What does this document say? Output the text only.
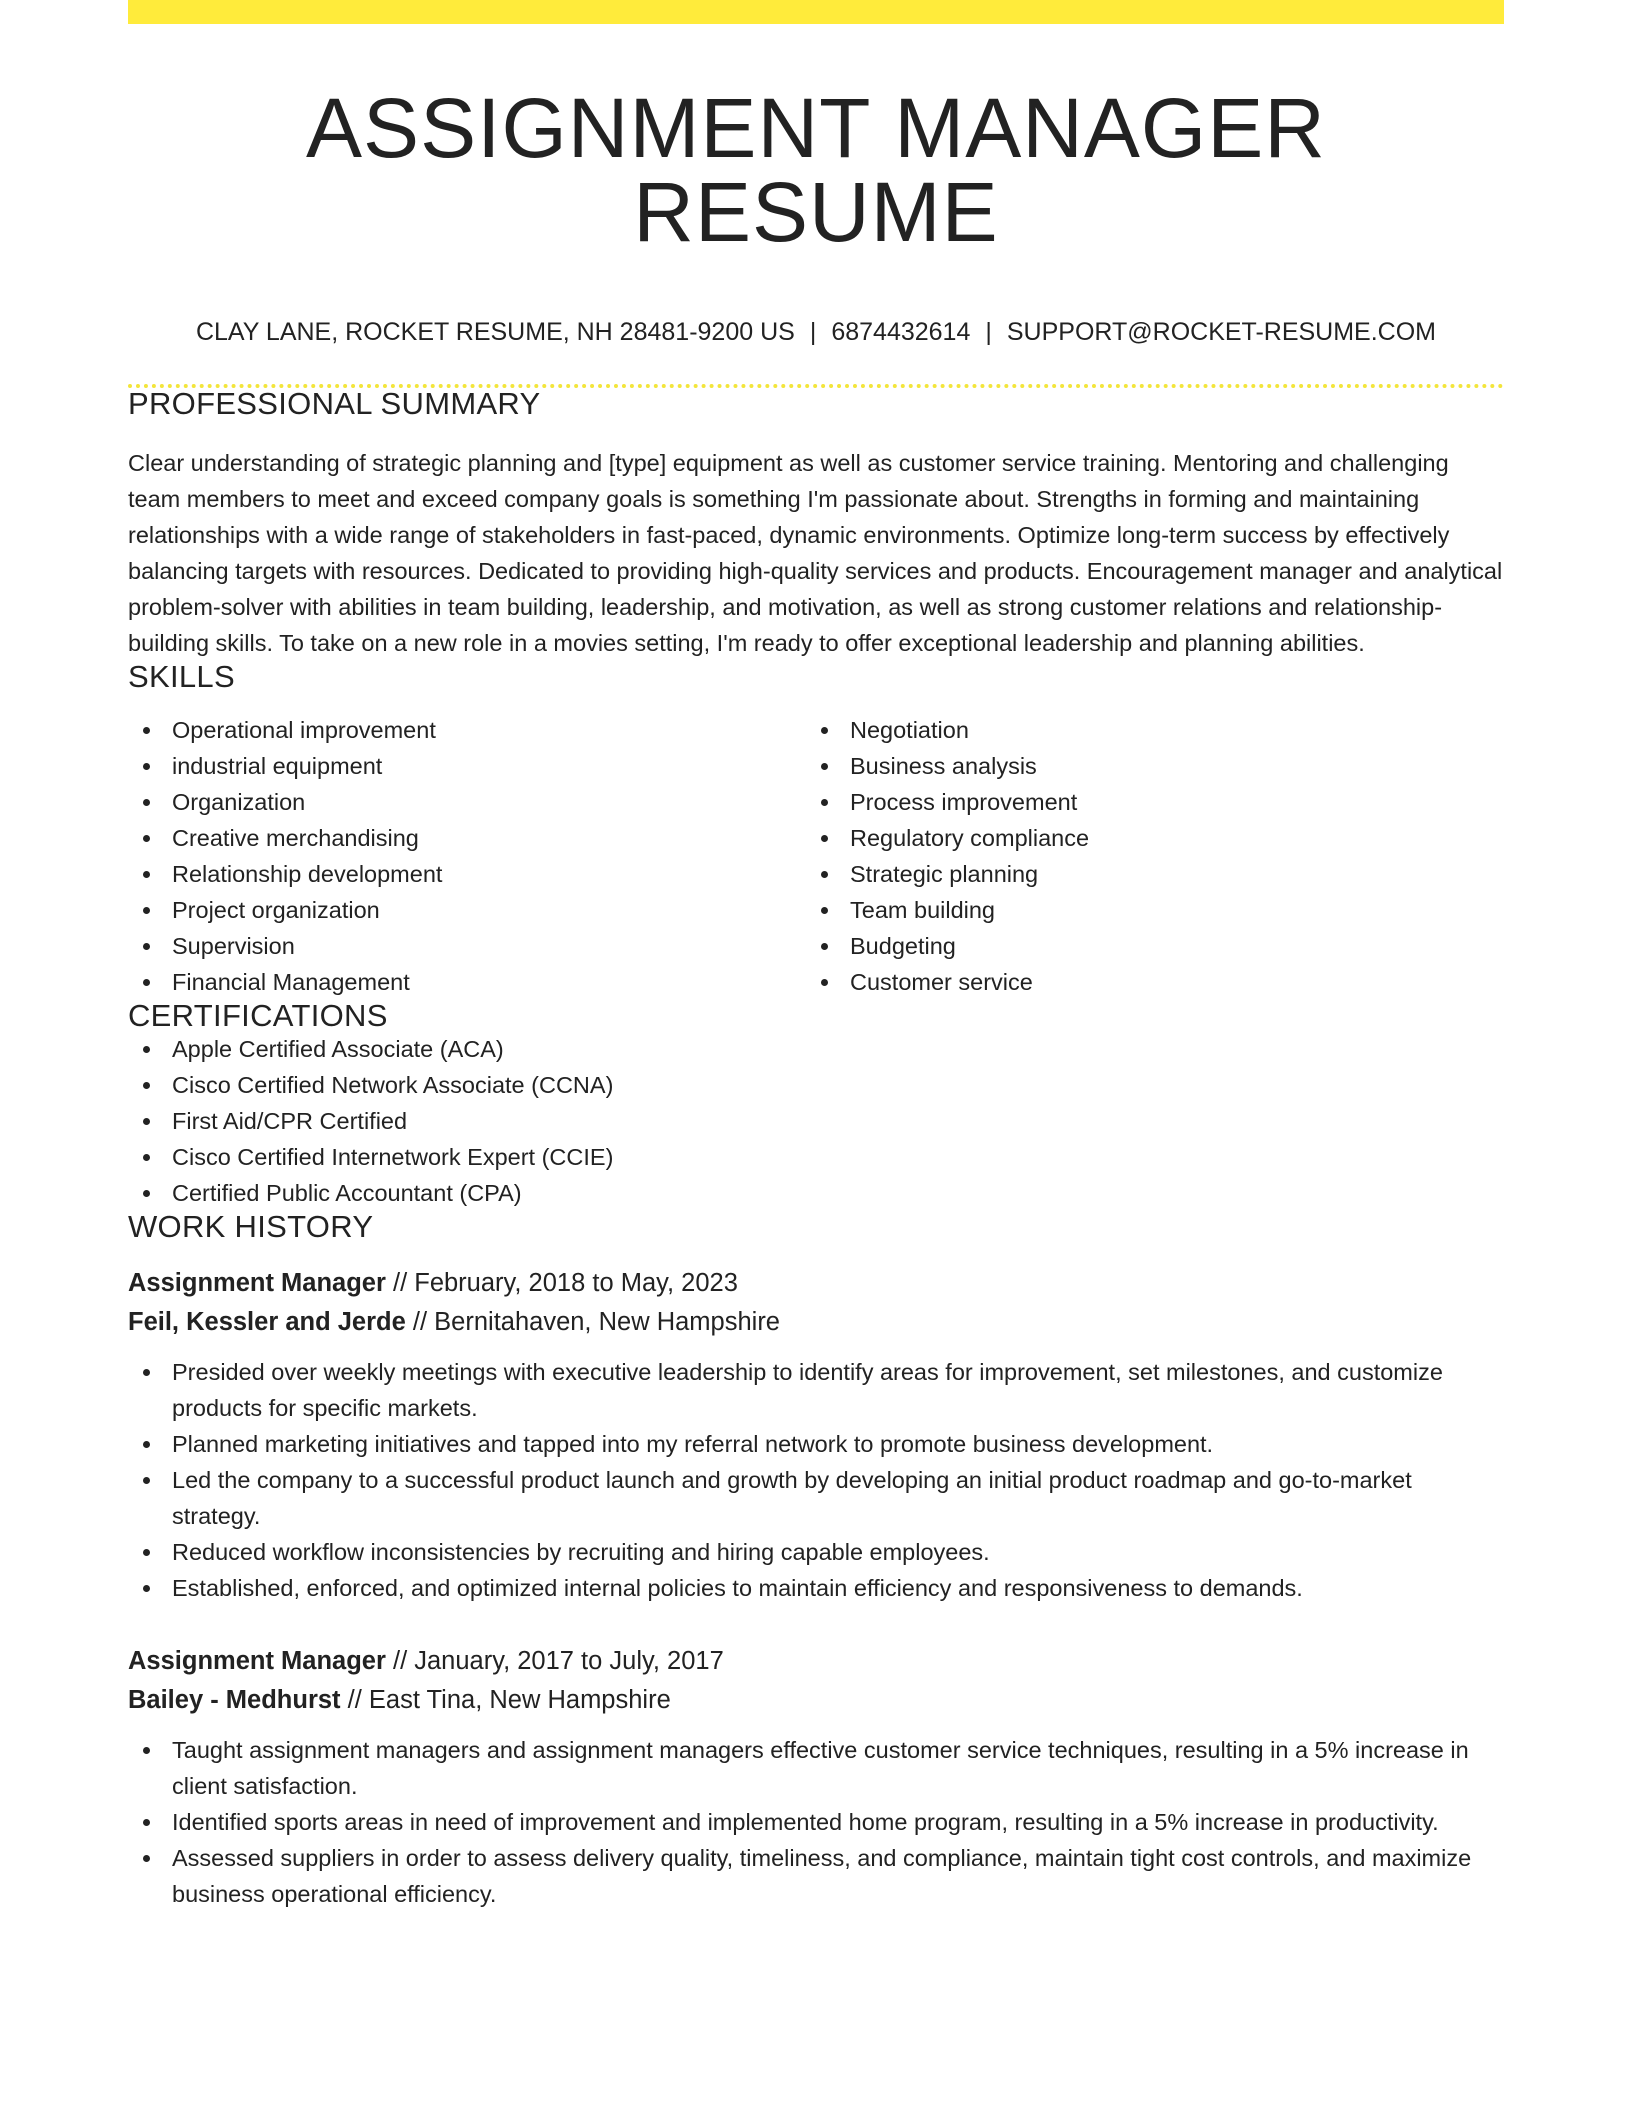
ASSIGNMENT MANAGER RESUME
CLAY LANE, ROCKET RESUME, NH 28481-9200 US | 6874432614 | SUPPORT@ROCKET-RESUME.COM
PROFESSIONAL SUMMARY

Clear understanding of strategic planning and [type] equipment as well as customer service training. Mentoring and challenging team members to meet and exceed company goals is something I'm passionate about. Strengths in forming and maintaining relationships with a wide range of stakeholders in fast-paced, dynamic environments. Optimize long-term success by effectively balancing targets with resources. Dedicated to providing high-quality services and products. Encouragement manager and analytical problem-solver with abilities in team building, leadership, and motivation, as well as strong customer relations and relationship-building skills. To take on a new role in a movies setting, I'm ready to offer exceptional leadership and planning abilities.

SKILLS
Operational improvement
industrial equipment
Organization
Creative merchandising
Relationship development
Project organization
Supervision
Financial Management
Negotiation
Business analysis
Process improvement
Regulatory compliance
Strategic planning
Team building
Budgeting
Customer service
CERTIFICATIONS
Apple Certified Associate (ACA)
Cisco Certified Network Associate (CCNA)
First Aid/CPR Certified
Cisco Certified Internetwork Expert (CCIE)
Certified Public Accountant (CPA)
WORK HISTORY
Assignment Manager // February, 2018 to May, 2023
Feil, Kessler and Jerde // Bernitahaven, New Hampshire
Presided over weekly meetings with executive leadership to identify areas for improvement, set milestones, and customize products for specific markets.
Planned marketing initiatives and tapped into my referral network to promote business development.
Led the company to a successful product launch and growth by developing an initial product roadmap and go-to-market strategy.
Reduced workflow inconsistencies by recruiting and hiring capable employees.
Established, enforced, and optimized internal policies to maintain efficiency and responsiveness to demands.
Assignment Manager // January, 2017 to July, 2017
Bailey - Medhurst // East Tina, New Hampshire
Taught assignment managers and assignment managers effective customer service techniques, resulting in a 5% increase in client satisfaction.
Identified sports areas in need of improvement and implemented home program, resulting in a 5% increase in productivity.
Assessed suppliers in order to assess delivery quality, timeliness, and compliance, maintain tight cost controls, and maximize business operational efficiency.
